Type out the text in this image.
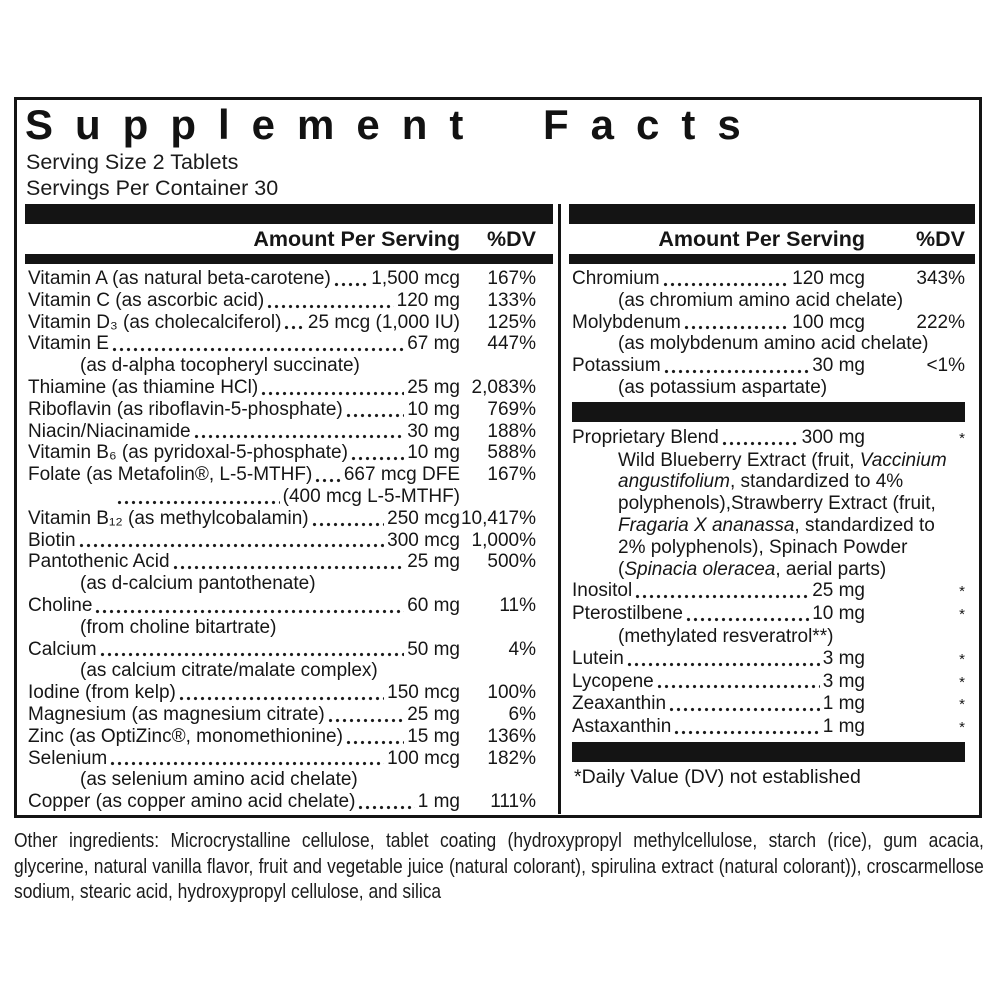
Supplement Facts
Serving Size 2 Tablets
Servings Per Container 30
Amount Per Serving	%DV
Vitamin A (as natural beta-carotene) 1,500 mcg	167%
Vitamin C (as ascorbic acid)	120 mg	133%
Vitamin D₃ (as cholecalciferol) 25 mcg (1,000 IU)	125%
Vitamin E	67 mg	447%
(as d-alpha tocopheryl succinate)
Thiamine (as thiamine HCl)	25 mg 2,083%
Riboflavin (as riboflavin-5-phosphate)	10 mg	769%
Niacin/Niacinamide	30 mg	188%
Vitamin B₆ (as pyridoxal-5-phosphate)	10 mg	588%
Folate (as Metafolin®, L-5-MTHF) 667 mcg DFE	167%
(400 mcg L-5-MTHF)
Vitamin B₁₂ (as methylcobalamin)	250 mcg 10,417%
Biotin	300 mcg 1,000%
Pantothenic Acid	25 mg	500%
(as d-calcium pantothenate)
Choline	60 mg	11%
(from choline bitartrate)
Calcium	50 mg	4%
(as calcium citrate/malate complex)
Iodine (from kelp)	150 mcg	100%
Magnesium (as magnesium citrate)	25 mg	6%
Zinc (as OptiZinc®, monomethionine)	15 mg	136%
Selenium	100 mcg	182%
(as selenium amino acid chelate)
Copper (as copper amino acid chelate)	1 mg	111%
Amount Per Serving	%DV
Chromium	120 mcg	343%
(as chromium amino acid chelate)
Molybdenum	100 mcg	222%
(as molybdenum amino acid chelate)
Potassium	30 mg	<1%
(as potassium aspartate)
Proprietary Blend	300 mg	*
Wild Blueberry Extract (fruit, Vaccinium angustifolium, standardized to 4% polyphenols),Strawberry Extract (fruit, Fragaria X ananassa, standardized to 2% polyphenols), Spinach Powder (Spinacia oleracea, aerial parts)
Inositol	25 mg	*
Pterostilbene	10 mg	*
(methylated resveratrol**)
Lutein	3 mg	*
Lycopene	3 mg	*
Zeaxanthin	1 mg	*
Astaxanthin	1 mg	*
*Daily Value (DV) not established
Other ingredients: Microcrystalline cellulose, tablet coating (hydroxypropyl methylcellulose, starch (rice), gum acacia, glycerine, natural vanilla flavor, fruit and vegetable juice (natural colorant), spirulina extract (natural colorant)), croscarmellose sodium, stearic acid, hydroxypropyl cellulose, and silica
